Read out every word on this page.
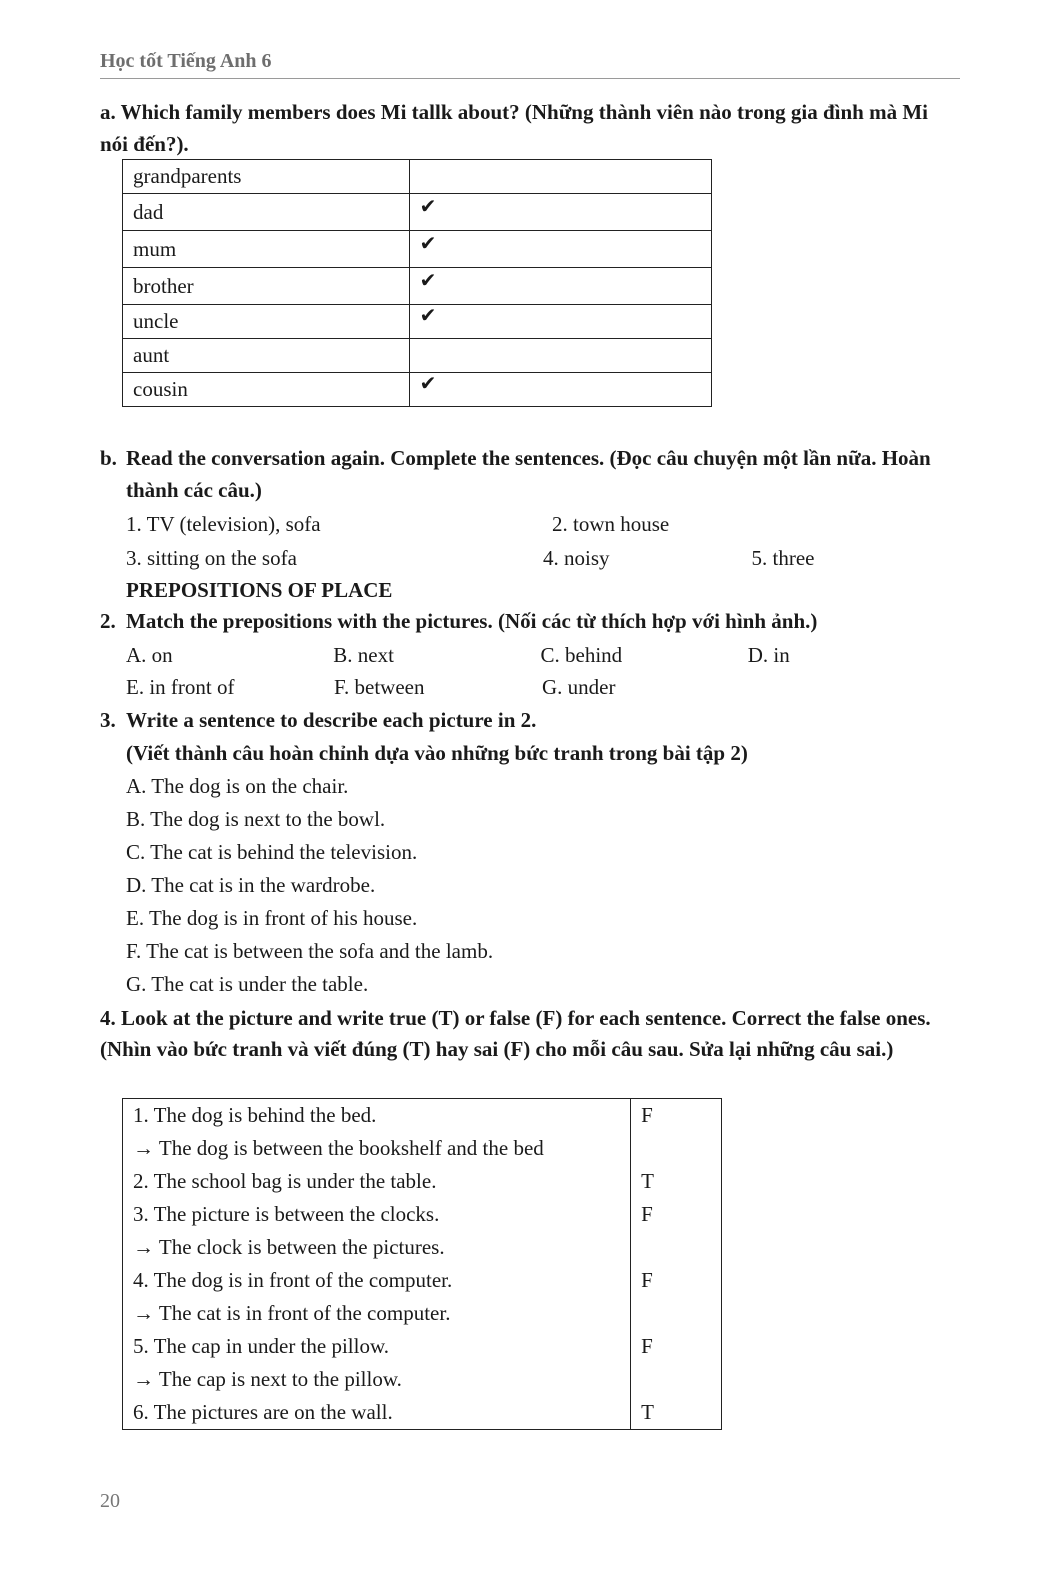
Học tốt Tiếng Anh 6
a. Which family members does Mi tallk about? (Những thành viên nào trong gia đình mà Mi nói đến?).
grandparents	
dad	✔
mum	✔
brother	✔
uncle	✔
aunt	
cousin	✔
b. Read the conversation again. Complete the sentences. (Đọc câu chuyện một lần nữa. Hoàn thành các câu.)
1. TV (television), sofa	2. town house
3. sitting on the sofa	4. noisy	5. three
PREPOSITIONS OF PLACE
2. Match the prepositions with the pictures. (Nối các từ thích hợp với hình ảnh.)
A. on	B. next	C. behind	D. in
E. in front of	F. between	G. under
3. Write a sentence to describe each picture in 2.
(Viết thành câu hoàn chỉnh dựa vào những bức tranh trong bài tập 2)
A. The dog is on the chair.
B. The dog is next to the bowl.
C. The cat is behind the television.
D. The cat is in the wardrobe.
E. The dog is in front of his house.
F. The cat is between the sofa and the lamb.
G. The cat is under the table.
4. Look at the picture and write true (T) or false (F) for each sentence. Correct the false ones. (Nhìn vào bức tranh và viết đúng (T) hay sai (F) cho mỗi câu sau. Sửa lại những câu sai.)
1. The dog is behind the bed.
→ The dog is between the bookshelf and the bed	F

2. The school bag is under the table.	T

3. The picture is between the clocks.
→ The clock is between the pictures.	F

4. The dog is in front of the computer.
→ The cat is in front of the computer.	F

5. The cap in under the pillow.
→ The cap is next to the pillow.	F

6. The pictures are on the wall.	T
20
